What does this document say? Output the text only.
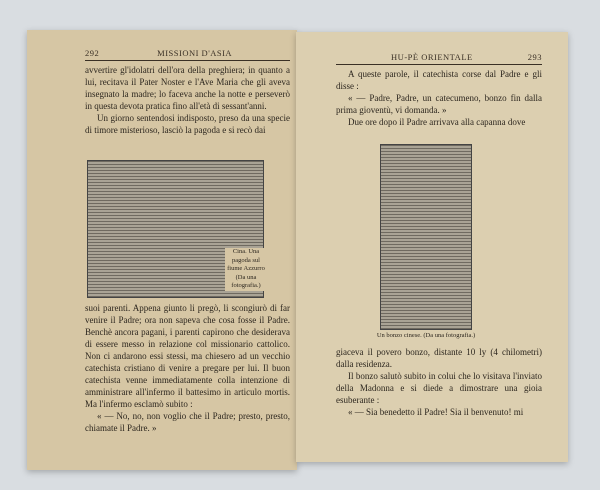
292	MISSIONI D'ASIA

avvertire gl'idolatri dell'ora della preghiera; in quanto a lui, recitava il Pater Noster e l'Ave Maria che gli aveva insegnato la madre; lo faceva anche la notte e perseverò in questa devota pratica fino all'età di sessant'anni.

Un giorno sentendosi indisposto, preso da una specie di timore misterioso, lasciò la pagoda e si recò dai

Cina. Una pagoda sul fiume Azzurro (Da una fotografia.)

suoi parenti. Appena giunto li pregò, li scongiurò di far venire il Padre; ora non sapeva che cosa fosse il Padre. Benchè ancora pagani, i parenti capirono che desiderava di essere messo in relazione col missionario cattolico. Non ci andarono essi stessi, ma chiesero ad un vecchio catechista cristiano di venire a pregare per lui. Il buon catechista venne immediatamente colla intenzione di amministrare all'infermo il battesimo in articulo mortis. Ma l'infermo esclamò subito :

« — No, no, non voglio che il Padre; presto, presto, chiamate il Padre. »

HU-PÈ ORIENTALE	293

A queste parole, il catechista corse dal Padre e gli disse :

« — Padre, Padre, un catecumeno, bonzo fin dalla prima gioventù, vi domanda. »

Due ore dopo il Padre arrivava alla capanna dove

Un bonzo cinese. (Da una fotografia.)

giaceva il povero bonzo, distante 10 ly (4 chilometri) dalla residenza.

Il bonzo salutò subito in colui che lo visitava l'inviato della Madonna e si diede a dimostrare una gioia esuberante :

« — Sia benedetto il Padre! Sia il benvenuto! mi
